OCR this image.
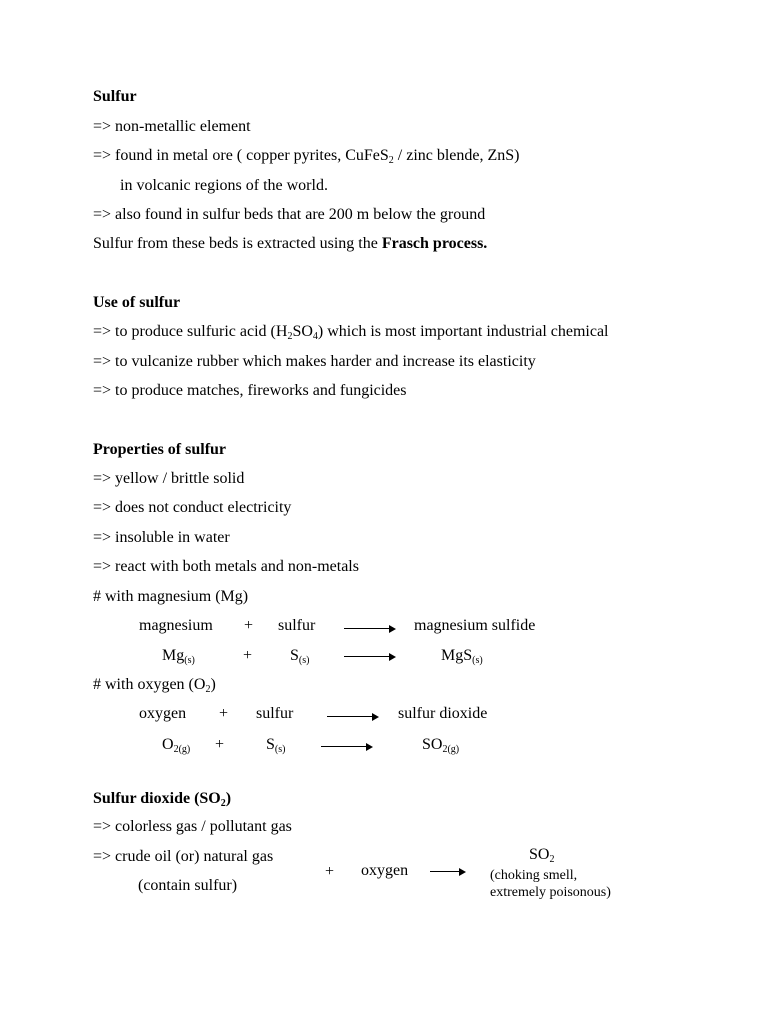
Sulfur
=> non-metallic element
=> found in metal ore ( copper pyrites, CuFeS$_2$ / zinc blende, ZnS)
in volcanic regions of the world.
=> also found in sulfur beds that are 200 m below the ground
Sulfur from these beds is extracted using the Frasch process.
Use of sulfur
=> to produce sulfuric acid $(H_2SO_4)$ which is most important industrial chemical
=> to vulcanize rubber which makes harder and increase its elasticity
=> to produce matches, fireworks and fungicides
Properties of sulfur
=> yellow / brittle solid
=> does not conduct electricity
=> insoluble in water
=> react with both metals and non-metals
# with magnesium (Mg)
magnesium + sulfur	magnesium sulfide
$Mg_{(s)}$	+ $S_{(s)}$	MgS$_{(s)}$
# with oxygen $(O_2)$
oxygen + sulfur	sulfur dioxide
$O_{2(g)}$ +	$S_{(s)}$	$SO_{2(g)}$
Sulfur dioxide $(SO_2)$
=> colorless gas / pollutant gas
=> crude oil (or) natural gas
(contain sulfur)
+ oxygen
$SO_2$
(choking smell,
extremely poisonous)
